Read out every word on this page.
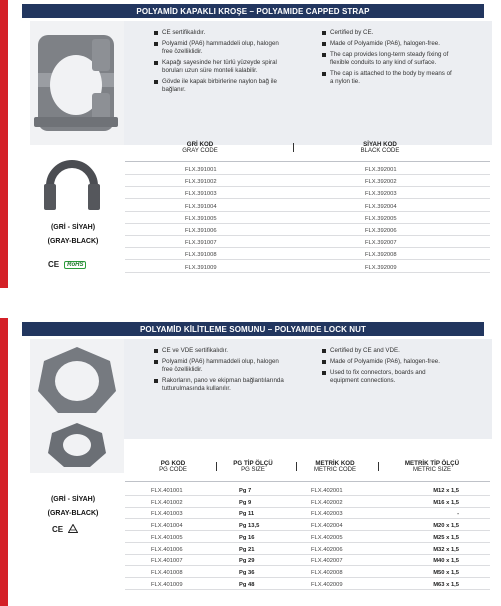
POLYAMİD KAPAKLI KROŞE – POLYAMIDE CAPPED STRAP
CE sertifikalıdır.
Polyamid (PA6) hammaddeli olup, halogen free özelliklidir.
Kapağı sayesinde her türlü yüzeyde spiral boruları uzun süre monteli kalabilir.
Gövde ile kapak birbirlerine naylon bağ ile bağlanır.
Certified by CE.
Made of Polyamide (PA6), halogen-free.
The cap provides long-term steady fixing of flexible conduits to any kind of surface.
The cap is attached to the body by means of a nylon tie.
(GRİ - SİYAH)
(GRAY-BLACK)
CE	RoHS
GRİ KOD
GRAY CODE
SİYAH KOD
BLACK CODE
FLX.391001	FLX.392001
FLX.391002	FLX.392002
FLX.391003	FLX.392003
FLX.391004	FLX.392004
FLX.391005	FLX.392005
FLX.391006	FLX.392006
FLX.391007	FLX.392007
FLX.391008	FLX.392008
FLX.391009	FLX.392009
POLYAMİD KİLİTLEME SOMUNU – POLYAMIDE LOCK NUT
CE ve VDE sertifikalıdır.
Polyamid (PA6) hammaddeli olup, halogen free özelliklidir.
Rakorların, pano ve ekipman bağlantılarında tutturulmasında kullanılır.
Certified by CE and VDE.
Made of Polyamide (PA6), halogen-free.
Used to fix connectors, boards and equipment connections.
(GRİ - SİYAH)
(GRAY-BLACK)
CE
PG KOD
PG CODE
PG TİP ÖLÇÜ
PG SIZE
METRİK KOD
METRIC CODE
METRİK TİP ÖLÇÜ
METRIC SIZE
FLX.401001	Pg 7	FLX.402001	M12 x 1,5
FLX.401002	Pg 9	FLX.402002	M16 x 1,5
FLX.401003	Pg 11	FLX.402003	-
FLX.401004	Pg 13,5	FLX.402004	M20 x 1,5
FLX.401005	Pg 16	FLX.402005	M25 x 1,5
FLX.401006	Pg 21	FLX.402006	M32 x 1,5
FLX.401007	Pg 29	FLX.402007	M40 x 1,5
FLX.401008	Pg 36	FLX.402008	M50 x 1,5
FLX.401009	Pg 48	FLX.402009	M63 x 1,5
